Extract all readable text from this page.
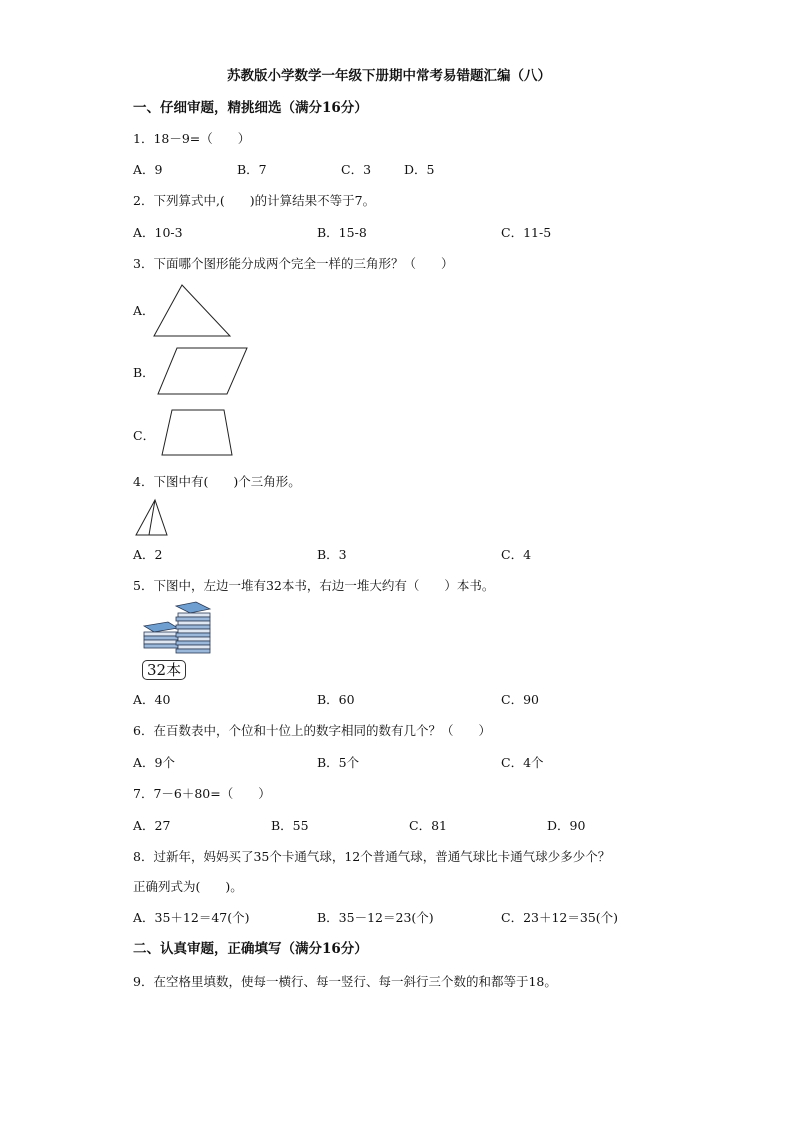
苏教版小学数学一年级下册期中常考易错题汇编（八）
一、仔细审题，精挑细选（满分16分）
1．18－9=（　　）
A．9	B．7	C．3	D．5
2．下列算式中,(　　)的计算结果不等于7。
A．10-3	B．15-8	C．11-5
3．下面哪个图形能分成两个完全一样的三角形？（　　）
A．
B．
C．
4．下图中有(　　)个三角形。
A．2	B．3	C．4
5．下图中，左边一堆有32本书，右边一堆大约有（　　）本书。
32本
A．40	B．60	C．90
6．在百数表中，个位和十位上的数字相同的数有几个？（　　）
A．9个	B．5个	C．4个
7．7－6＋80=（　　）
A．27	B．55	C．81	D．90
8．过新年，妈妈买了35个卡通气球，12个普通气球，普通气球比卡通气球少多少个？
正确列式为(　　)。
A．35＋12＝47(个)	B．35－12＝23(个)	C．23＋12＝35(个)
二、认真审题，正确填写（满分16分）
9．在空格里填数，使每一横行、每一竖行、每一斜行三个数的和都等于18。
